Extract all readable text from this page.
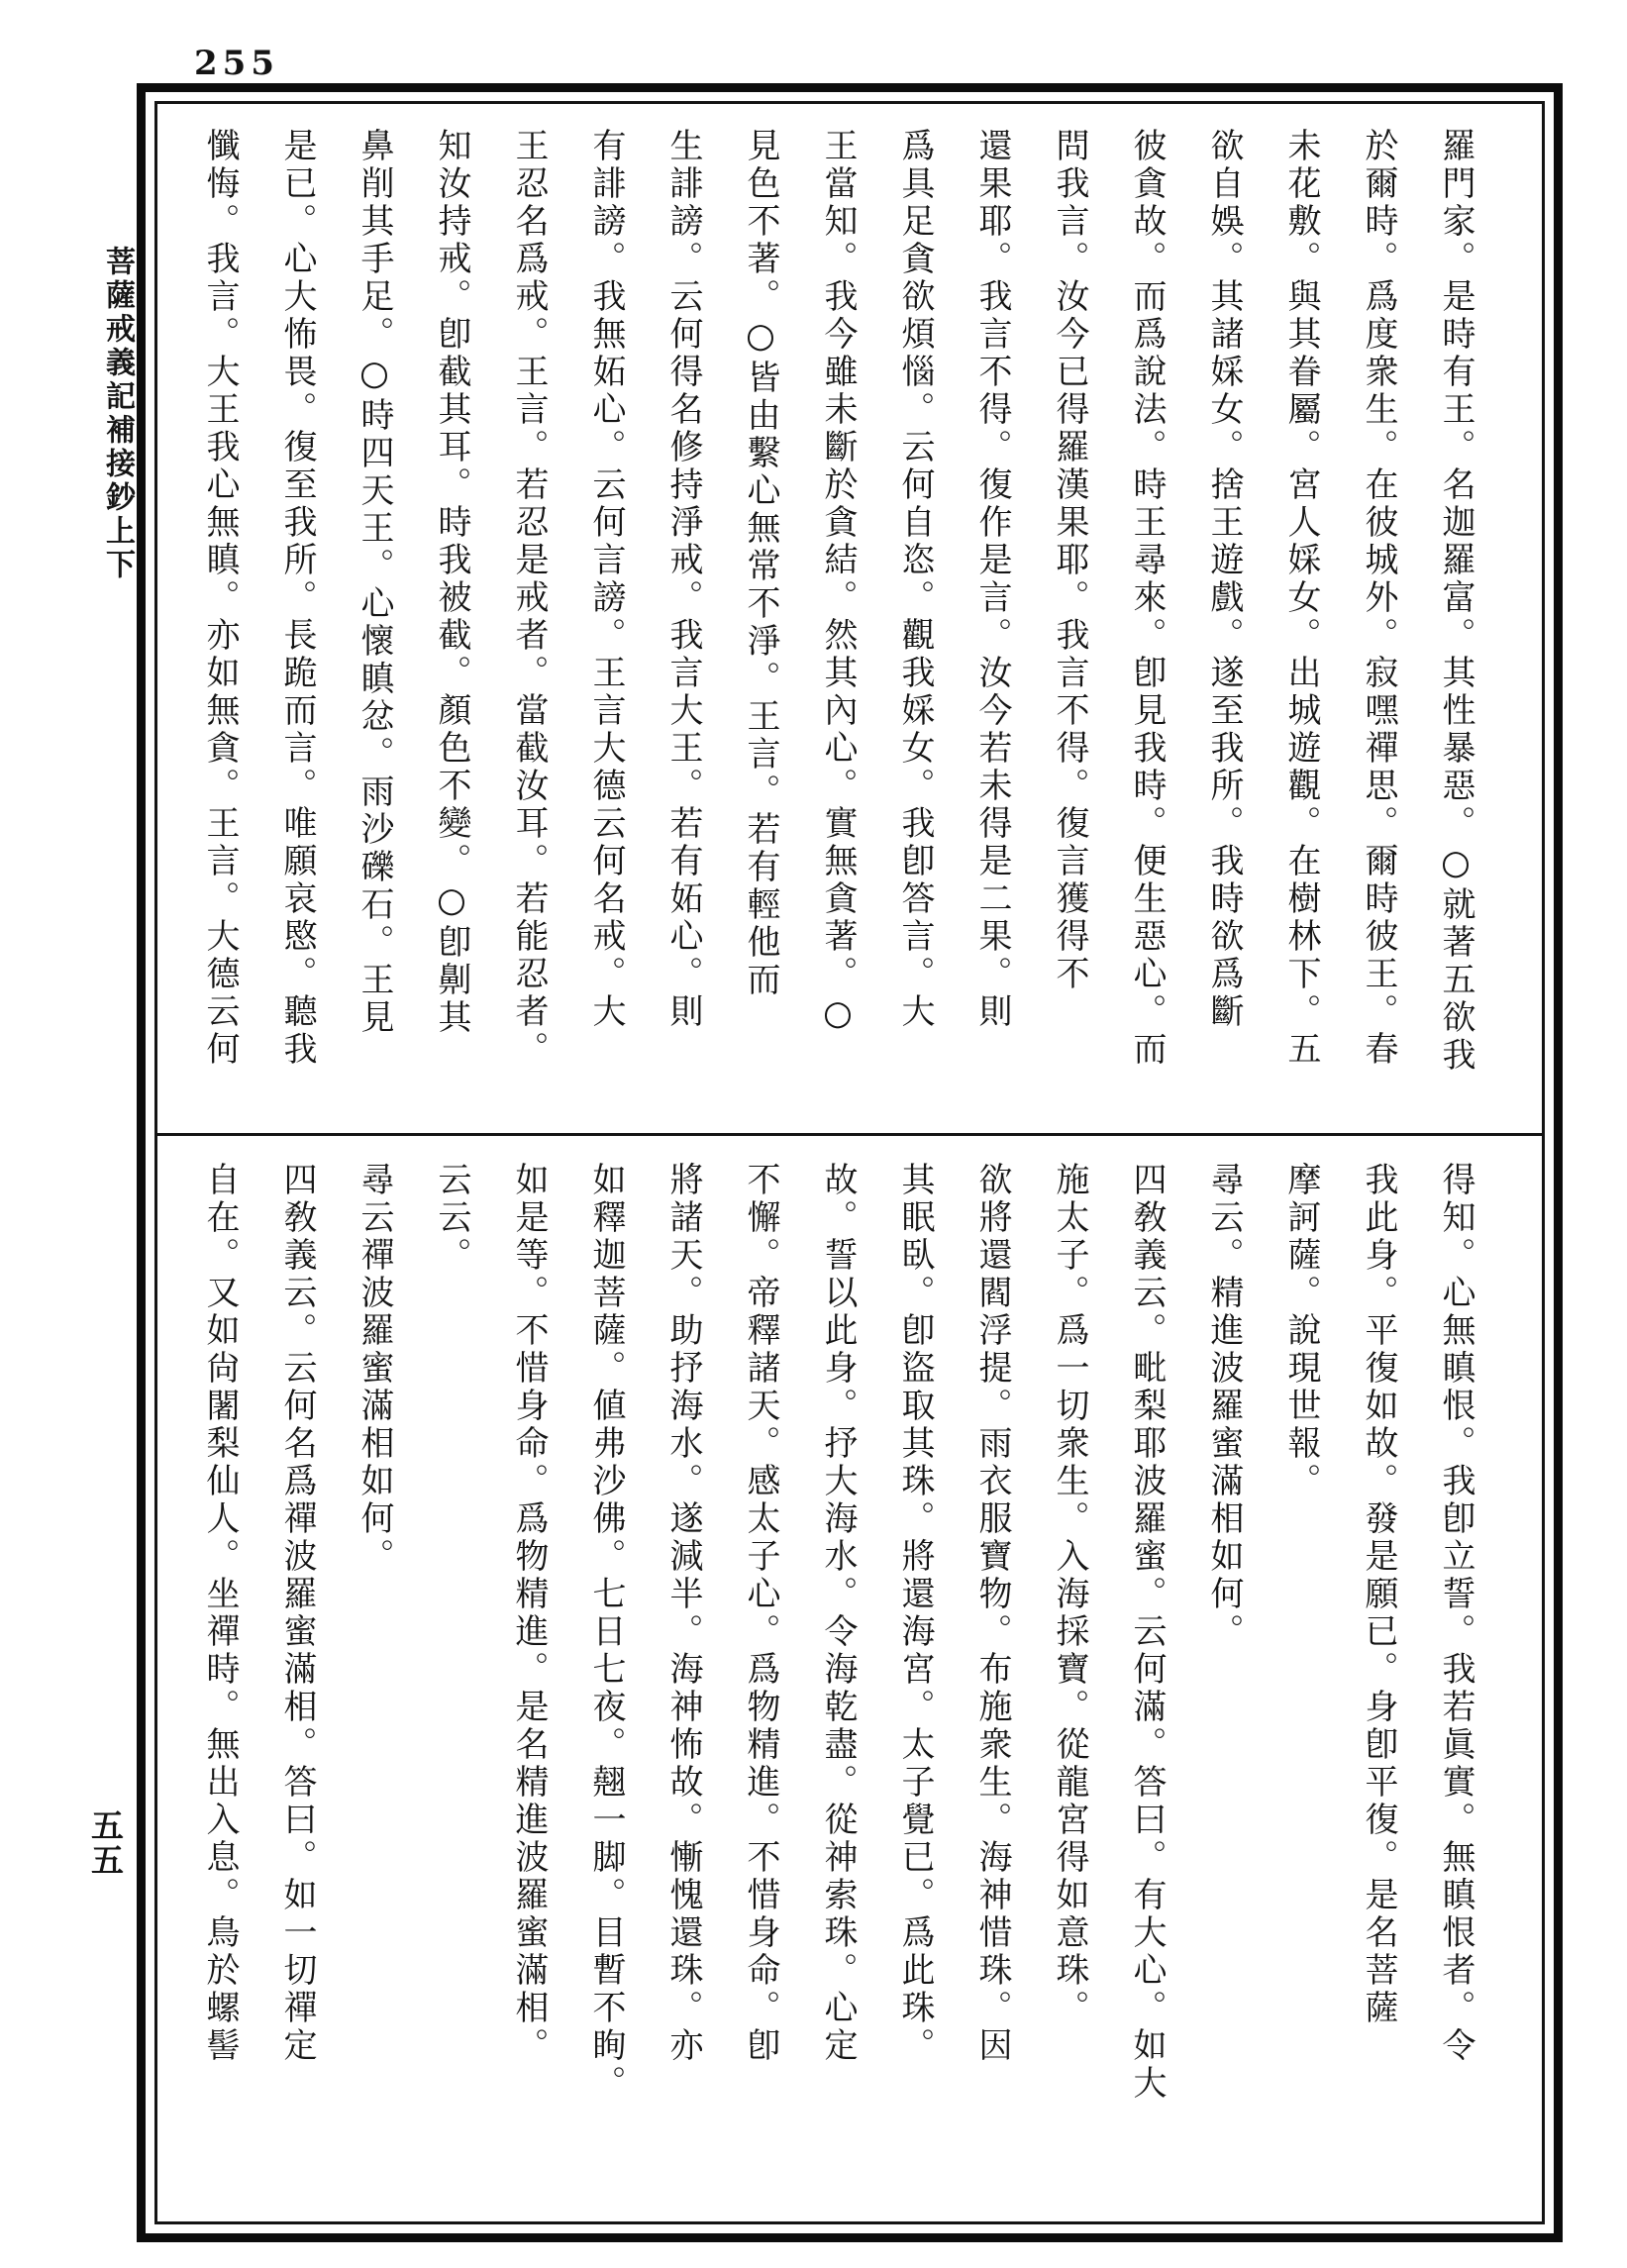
255
菩薩戒義記補接鈔上下
五五

羅門家。是時有王。名迦羅富。其性暴惡。○就著五欲我

於爾時。爲度衆生。在彼城外。寂嘿禪思。爾時彼王。春

未花敷。與其眷屬。宮人婇女。出城遊觀。在樹林下。五

欲自娛。其諸婇女。捨王遊戲。遂至我所。我時欲爲斷

彼貪故。而爲說法。時王尋來。卽見我時。便生惡心。而

問我言。汝今已得羅漢果耶。我言不得。復言獲得不

還果耶。我言不得。復作是言。汝今若未得是二果。則

爲具足貪欲煩惱。云何自恣。觀我婇女。我卽答言。大

王當知。我今雖未斷於貪結。然其內心。實無貪著。○

見色不著。○皆由繫心無常不淨。王言。若有輕他而

生誹謗。云何得名修持淨戒。我言大王。若有妬心。則

有誹謗。我無妬心。云何言謗。王言大德云何名戒。大

王忍名爲戒。王言。若忍是戒者。當截汝耳。若能忍者。

知汝持戒。卽截其耳。時我被截。顏色不變。○卽劓其

鼻削其手足。○時四天王。心懷瞋忿。雨沙礫石。王見

是已。心大怖畏。復至我所。長跪而言。唯願哀愍。聽我

懺悔。我言。大王我心無瞋。亦如無貪。王言。大德云何

得知。心無瞋恨。我卽立誓。我若眞實。無瞋恨者。令

我此身。平復如故。發是願已。身卽平復。是名菩薩

摩訶薩。說現世報。

尋云。精進波羅蜜滿相如何。

四敎義云。毗梨耶波羅蜜。云何滿。答曰。有大心。如大

施太子。爲一切衆生。入海採寶。從龍宮得如意珠。

欲將還閻浮提。雨衣服寶物。布施衆生。海神惜珠。因

其眠臥。卽盜取其珠。將還海宮。太子覺已。爲此珠。

故。誓以此身。抒大海水。令海乾盡。從神索珠。心定

不懈。帝釋諸天。感太子心。爲物精進。不惜身命。卽

將諸天。助抒海水。遂減半。海神怖故。慚愧還珠。亦

如釋迦菩薩。値弗沙佛。七日七夜。翹一脚。目暫不眴。

如是等。不惜身命。爲物精進。是名精進波羅蜜滿相。

云云。

尋云禪波羅蜜滿相如何。

四敎義云。云何名爲禪波羅蜜滿相。答曰。如一切禪定

自在。又如尙闍梨仙人。坐禪時。無出入息。鳥於螺髻
